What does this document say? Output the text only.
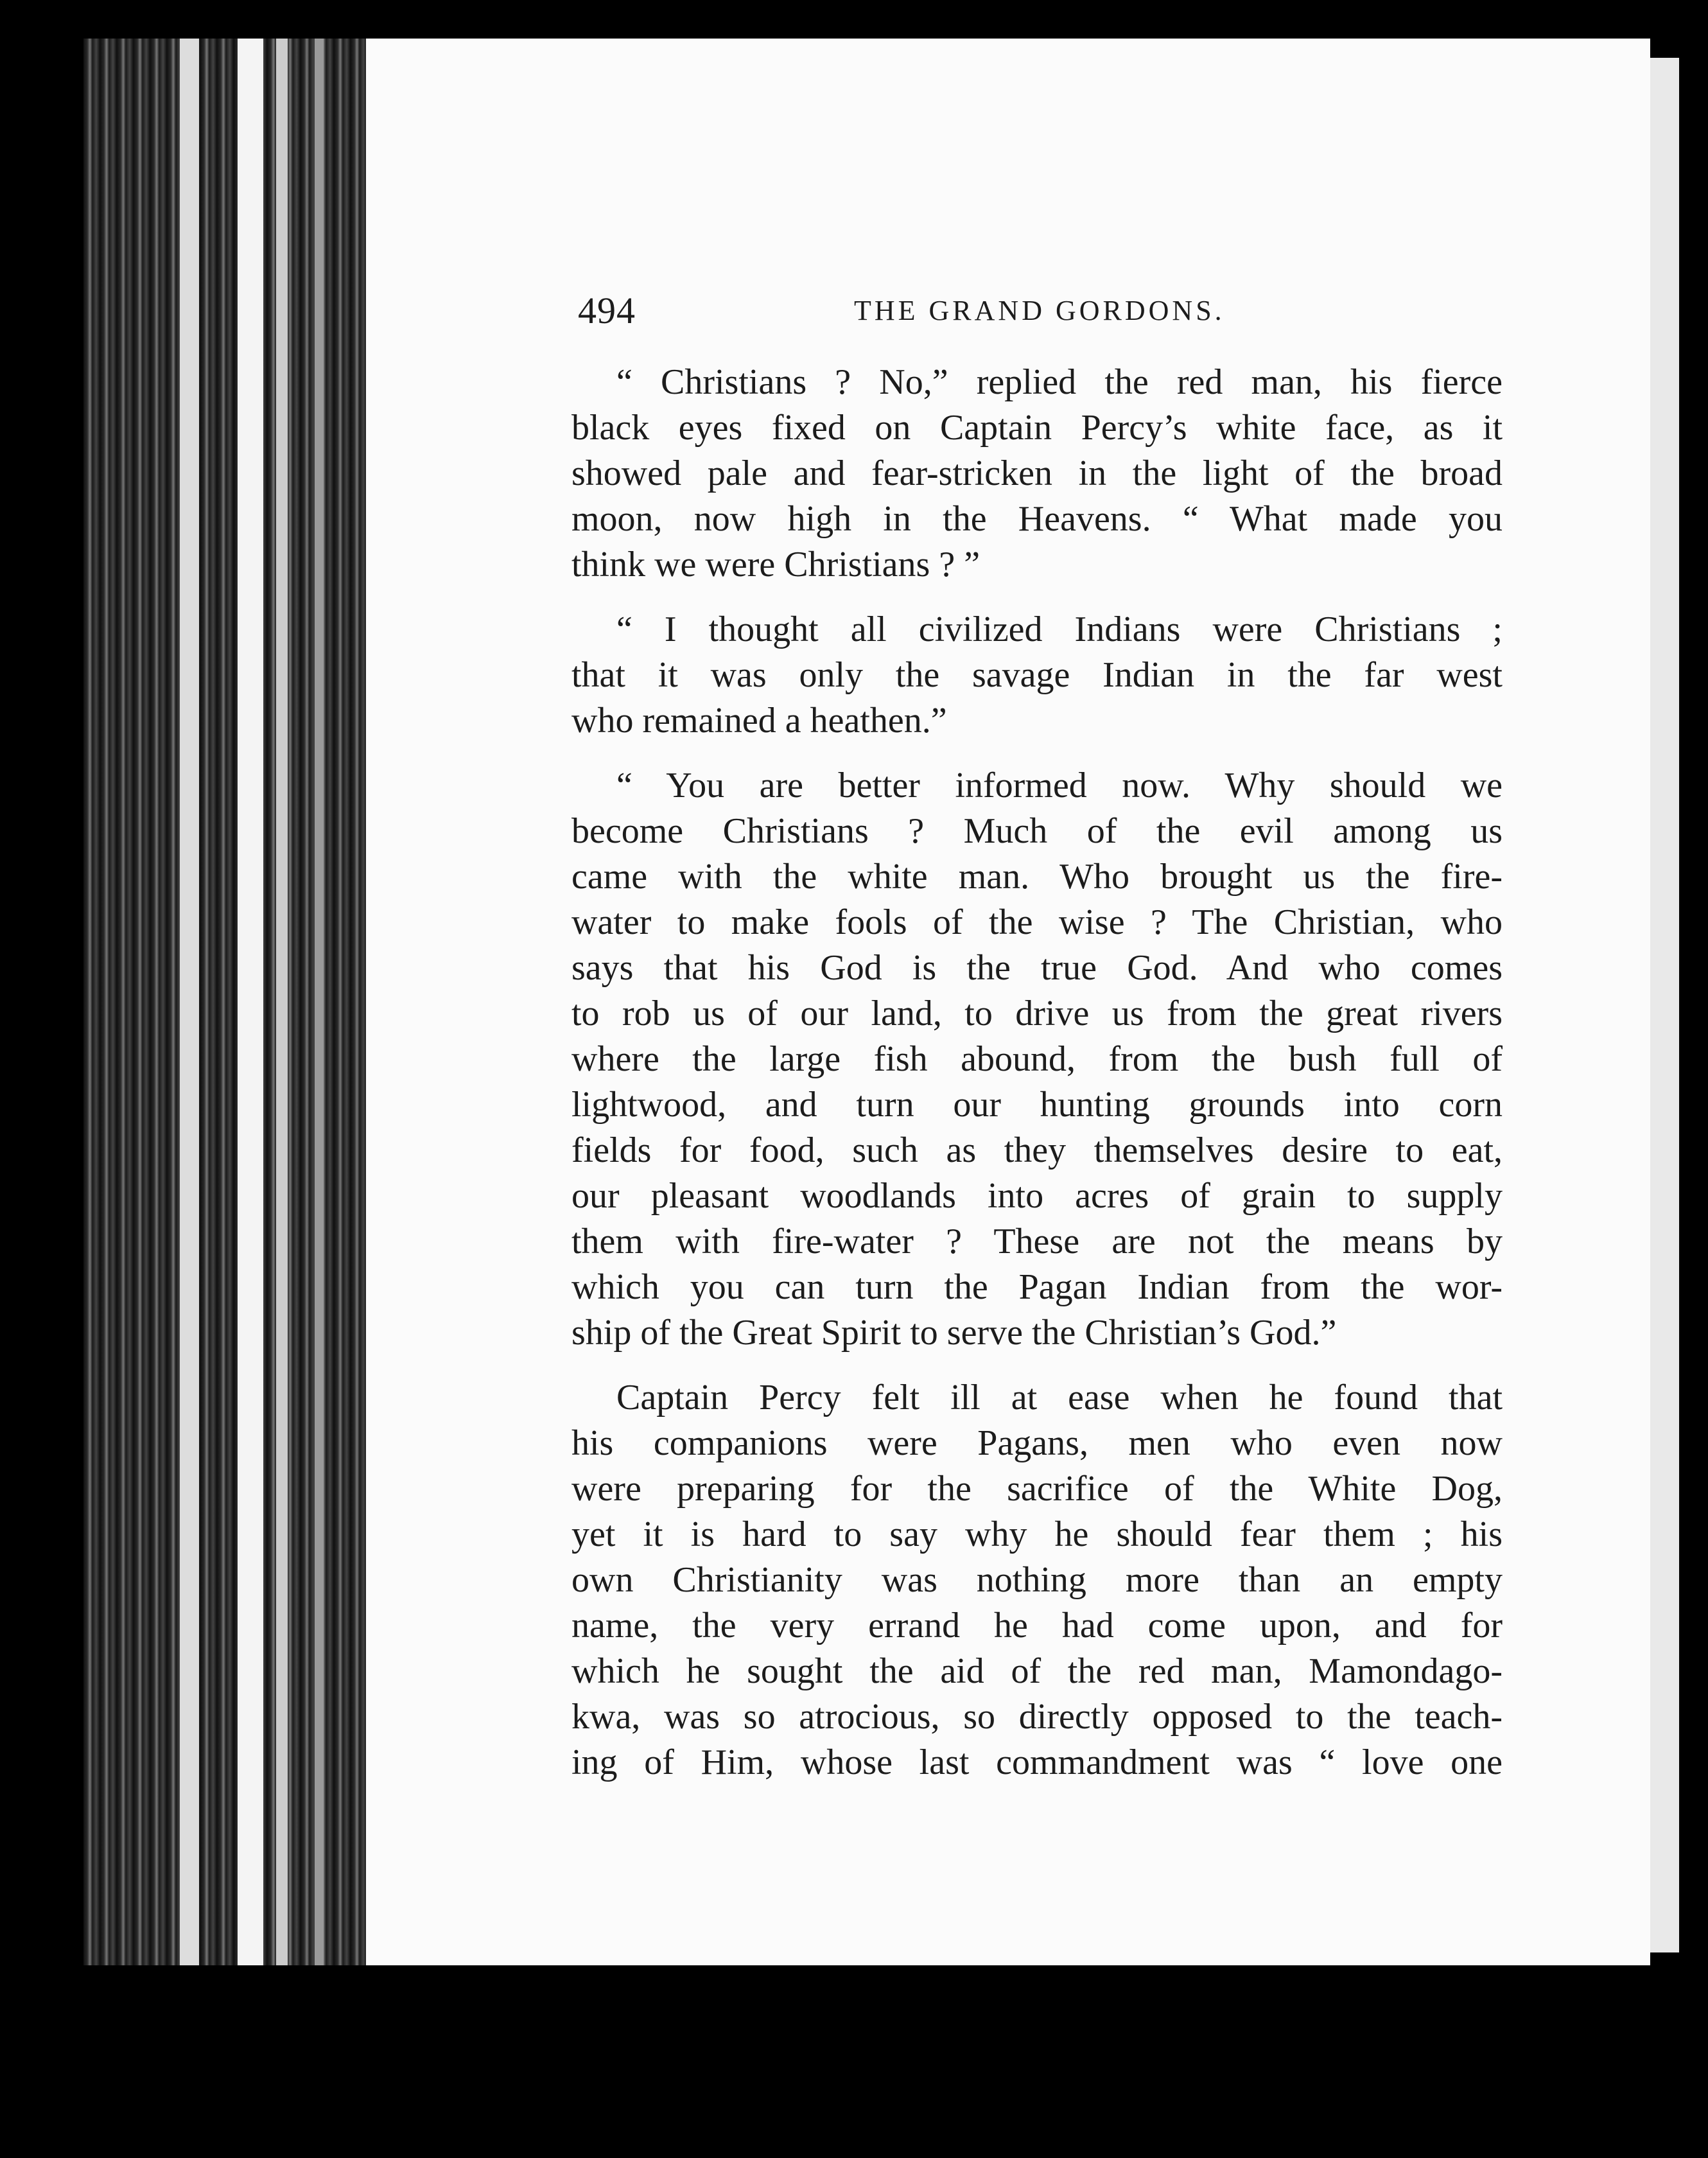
494	THE GRAND GORDONS.

“ Christians ? No,” replied the red man, his fierce
black eyes fixed on Captain Percy’s white face, as it
showed pale and fear-stricken in the light of the broad
moon, now high in the Heavens. “ What made you
think we were Christians ? ”

“ I thought all civilized Indians were Christians ;
that it was only the savage Indian in the far west
who remained a heathen.”

“ You are better informed now. Why should we
become Christians ? Much of the evil among us
came with the white man. Who brought us the fire-
water to make fools of the wise ? The Christian, who
says that his God is the true God. And who comes
to rob us of our land, to drive us from the great rivers
where the large fish abound, from the bush full of
lightwood, and turn our hunting grounds into corn
fields for food, such as they themselves desire to eat,
our pleasant woodlands into acres of grain to supply
them with fire-water ? These are not the means by
which you can turn the Pagan Indian from the wor-
ship of the Great Spirit to serve the Christian’s God.”

Captain Percy felt ill at ease when he found that
his companions were Pagans, men who even now
were preparing for the sacrifice of the White Dog,
yet it is hard to say why he should fear them ; his
own Christianity was nothing more than an empty
name, the very errand he had come upon, and for
which he sought the aid of the red man, Mamondago-
kwa, was so atrocious, so directly opposed to the teach-
ing of Him, whose last commandment was “ love one
